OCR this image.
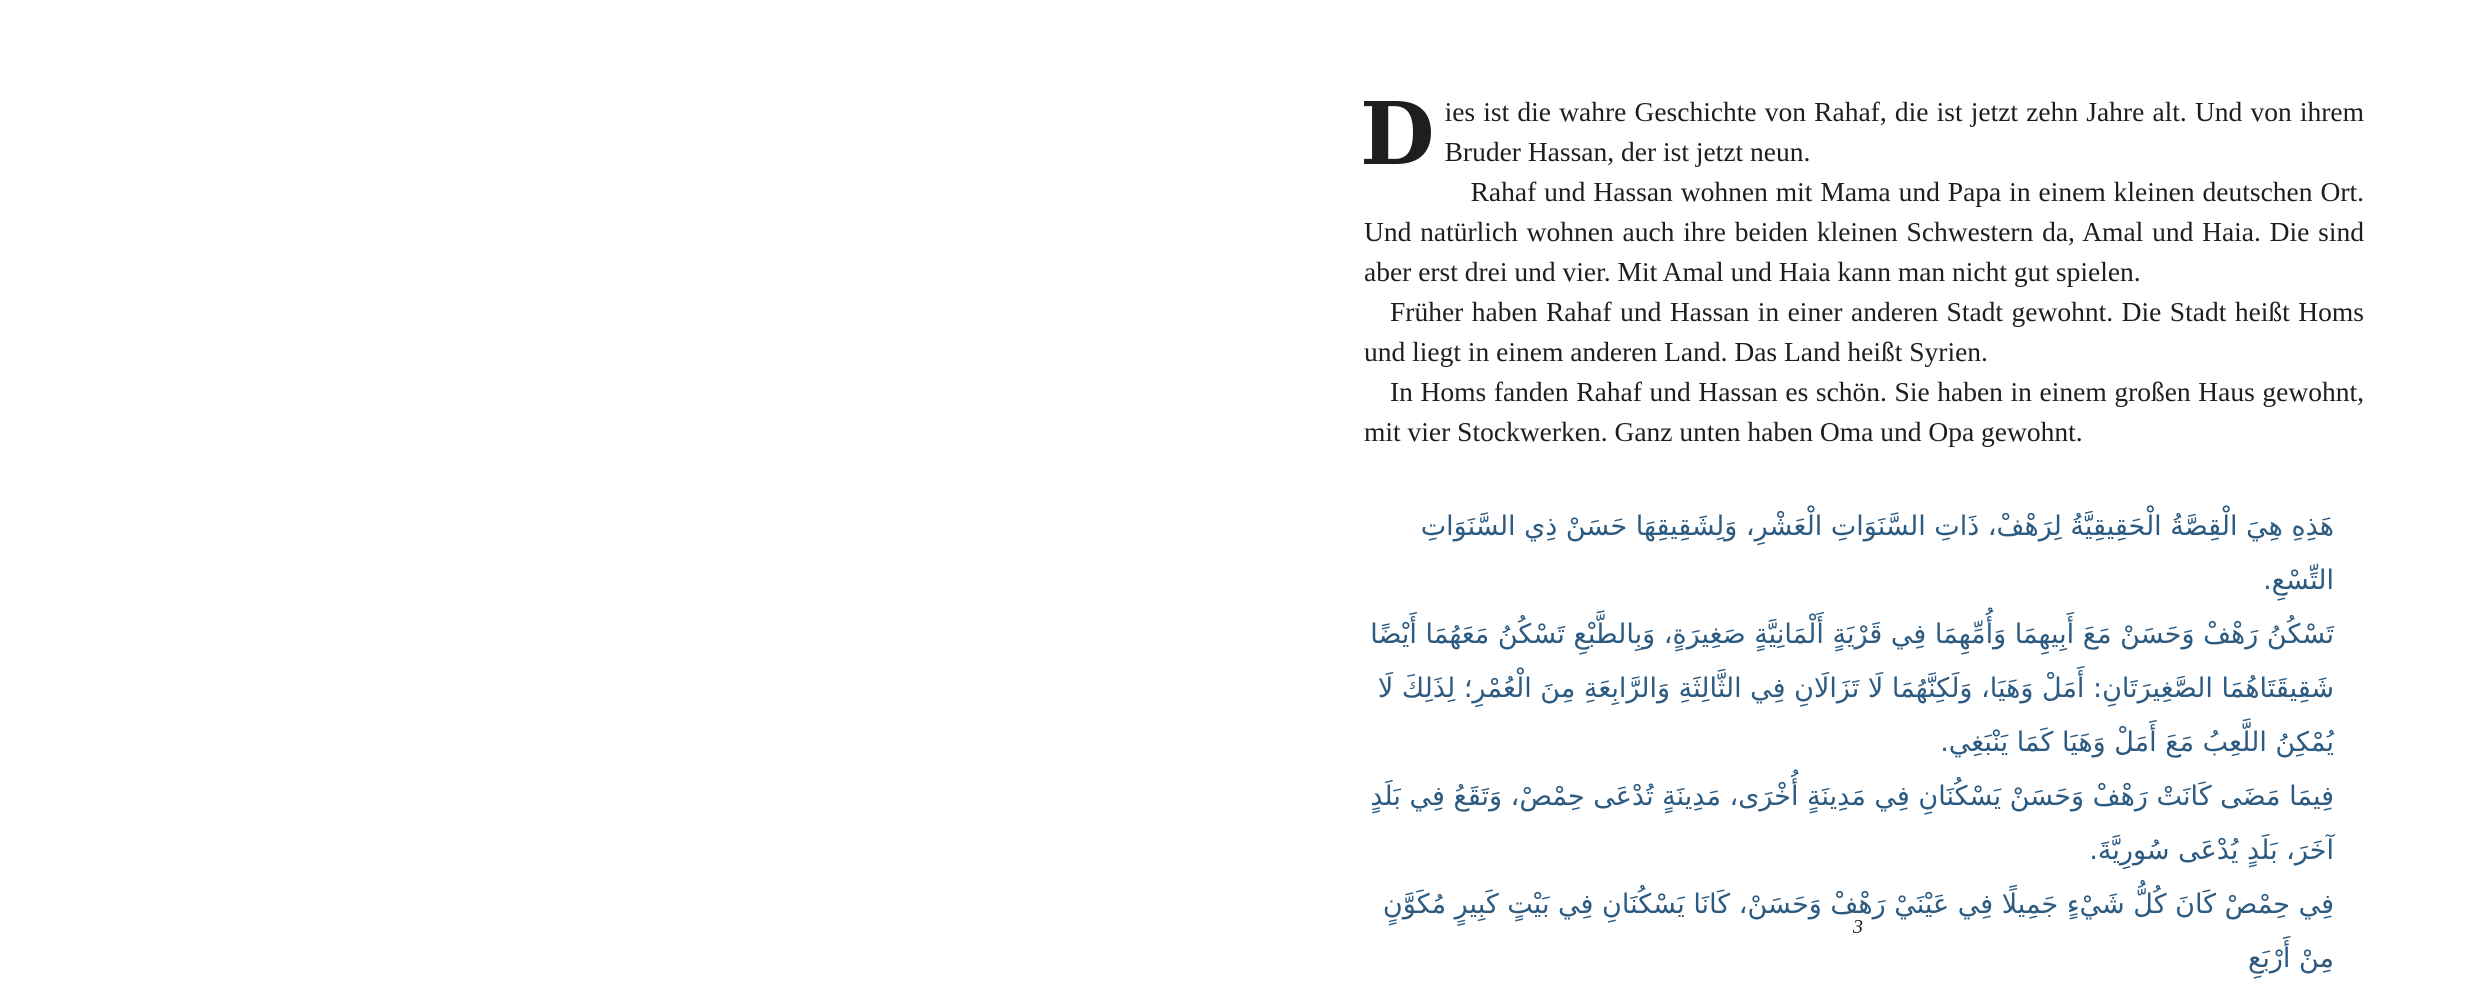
Dies ist die wahre Geschichte von Rahaf, die ist jetzt zehn Jahre alt. Und von ihrem Bruder Hassan, der ist jetzt neun.

Rahaf und Hassan wohnen mit Mama und Papa in einem kleinen deutschen Ort. Und natürlich wohnen auch ihre beiden kleinen Schwestern da, Amal und Haia. Die sind aber erst drei und vier. Mit Amal und Haia kann man nicht gut spielen.

Früher haben Rahaf und Hassan in einer anderen Stadt gewohnt. Die Stadt heißt Homs und liegt in einem anderen Land. Das Land heißt Syrien.

In Homs fanden Rahaf und Hassan es schön. Sie haben in einem großen Haus gewohnt, mit vier Stockwerken. Ganz unten haben Oma und Opa gewohnt.

هَذِهِ هِيَ الْقِصَّةُ الْحَقِيقِيَّةُ لِرَهْفْ، ذَاتِ السَّنَوَاتِ الْعَشْرِ، وَلِشَقِيقِهَا حَسَنْ ذِي السَّنَوَاتِ التِّسْعِ.

تَسْكُنُ رَهْفْ وَحَسَنْ مَعَ أَبِيهِمَا وَأُمِّهِمَا فِي قَرْيَةٍ أَلْمَانِيَّةٍ صَغِيرَةٍ، وَبِالطَّبْعِ تَسْكُنُ مَعَهُمَا أَيْضًا شَقِيقَتَاهُمَا الصَّغِيرَتَانِ: أَمَلْ وَهَيَا، وَلَكِنَّهُمَا لَا تَزَالَانِ فِي الثَّالِثَةِ وَالرَّابِعَةِ مِنَ الْعُمْرِ؛ لِذَلِكَ لَا يُمْكِنُ اللَّعِبُ مَعَ أَمَلْ وَهَيَا كَمَا يَنْبَغِي.

فِيمَا مَضَى كَانَتْ رَهْفْ وَحَسَنْ يَسْكُنَانِ فِي مَدِينَةٍ أُخْرَى، مَدِينَةٍ تُدْعَى حِمْصْ، وَتَقَعُ فِي بَلَدٍ آخَرَ، بَلَدٍ يُدْعَى سُورِيَّةَ.

فِي حِمْصْ كَانَ كُلُّ شَيْءٍ جَمِيلًا فِي عَيْنَيْ رَهْفْ وَحَسَنْ، كَانَا يَسْكُنَانِ فِي بَيْتٍ كَبِيرٍ مُكَوَّنٍ مِنْ أَرْبَعِ

3
